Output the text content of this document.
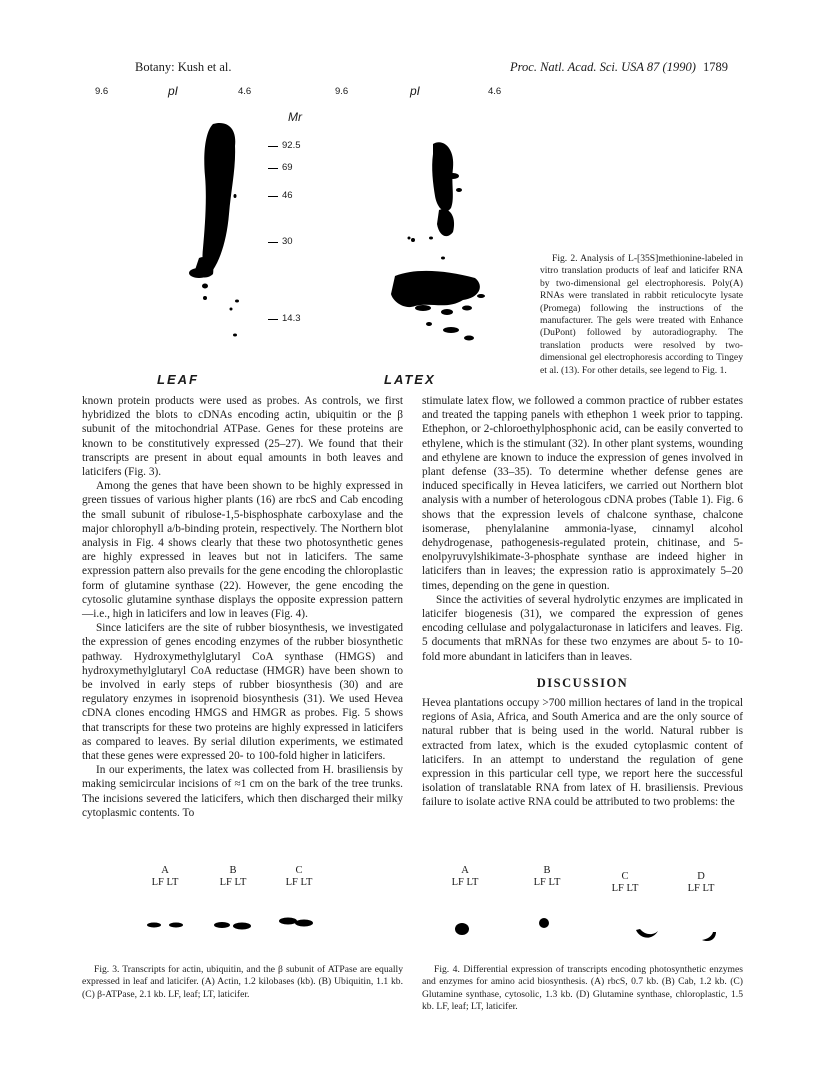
Botany: Kush et al.	Proc. Natl. Acad. Sci. USA 87 (1990) 1789
9.6	pI	4.6	9.6	pI	4.6
Mr
92.5
69
46
30
14.3
LEAF	LATEX

Fig. 2. Analysis of L-[35S]methionine-labeled in vitro translation products of leaf and laticifer RNA by two-dimensional gel electrophoresis. Poly(A) RNAs were translated in rabbit reticulocyte lysate (Promega) following the instructions of the manufacturer. The gels were treated with Enhance (DuPont) followed by autoradiography. The translation products were resolved by two-dimensional gel electrophoresis according to Tingey et al. (13). For other details, see legend to Fig. 1.

known protein products were used as probes. As controls, we first hybridized the blots to cDNAs encoding actin, ubiquitin or the β subunit of the mitochondrial ATPase. Genes for these proteins are known to be constitutively expressed (25–27). We found that their transcripts are present in about equal amounts in both leaves and laticifers (Fig. 3).

Among the genes that have been shown to be highly expressed in green tissues of various higher plants (16) are rbcS and Cab encoding the small subunit of ribulose-1,5-bisphosphate carboxylase and the major chlorophyll a/b-binding protein, respectively. The Northern blot analysis in Fig. 4 shows clearly that these two photosynthetic genes are highly expressed in leaves but not in laticifers. The same expression pattern also prevails for the gene encoding the chloroplastic form of glutamine synthase (22). However, the gene encoding the cytosolic glutamine synthase displays the opposite expression pattern—i.e., high in laticifers and low in leaves (Fig. 4).

Since laticifers are the site of rubber biosynthesis, we investigated the expression of genes encoding enzymes of the rubber biosynthetic pathway. Hydroxymethylglutaryl CoA synthase (HMGS) and hydroxymethylglutaryl CoA reductase (HMGR) have been shown to be involved in early steps of rubber biosynthesis (30) and are regulatory enzymes in isoprenoid biosynthesis (31). We used Hevea cDNA clones encoding HMGS and HMGR as probes. Fig. 5 shows that transcripts for these two proteins are highly expressed in laticifers as compared to leaves. By serial dilution experiments, we estimated that these genes were expressed 20- to 100-fold higher in laticifers.

In our experiments, the latex was collected from H. brasiliensis by making semicircular incisions of ≈1 cm on the bark of the tree trunks. The incisions severed the laticifers, which then discharged their milky cytoplasmic contents. To

stimulate latex flow, we followed a common practice of rubber estates and treated the tapping panels with ethephon 1 week prior to tapping. Ethephon, or 2-chloroethylphosphonic acid, can be easily converted to ethylene, which is the stimulant (32). In other plant systems, wounding and ethylene are known to induce the expression of genes involved in plant defense (33–35). To determine whether defense genes are induced specifically in Hevea laticifers, we carried out Northern blot analysis with a number of heterologous cDNA probes (Table 1). Fig. 6 shows that the expression levels of chalcone synthase, chalcone isomerase, phenylalanine ammonia-lyase, cinnamyl alcohol dehydrogenase, pathogenesis-regulated protein, chitinase, and 5-enolpyruvylshikimate-3-phosphate synthase are indeed higher in laticifers than in leaves; the expression ratio is approximately 5–20 times, depending on the gene in question.

Since the activities of several hydrolytic enzymes are implicated in laticifer biogenesis (31), we compared the expression of genes encoding cellulase and polygalacturonase in laticifers and leaves. Fig. 5 documents that mRNAs for these two enzymes are about 5- to 10-fold more abundant in laticifers than in leaves.

DISCUSSION

Hevea plantations occupy >700 million hectares of land in the tropical regions of Asia, Africa, and South America and are the only source of natural rubber that is being used in the world. Natural rubber is extracted from latex, which is the exuded cytoplasmic content of laticifers. In an attempt to understand the regulation of gene expression in this particular cell type, we report here the successful isolation of translatable RNA from latex of H. brasiliensis. Previous failure to isolate active RNA could be attributed to two problems: the

A
LF LT
B
LF LT
C
LF LT

Fig. 3. Transcripts for actin, ubiquitin, and the β subunit of ATPase are equally expressed in leaf and laticifer. (A) Actin, 1.2 kilobases (kb). (B) Ubiquitin, 1.1 kb. (C) β-ATPase, 2.1 kb. LF, leaf; LT, laticifer.

A
LF LT
B
LF LT
C
LF LT
D
LF LT

Fig. 4. Differential expression of transcripts encoding photosynthetic enzymes and enzymes for amino acid biosynthesis. (A) rbcS, 0.7 kb. (B) Cab, 1.2 kb. (C) Glutamine synthase, cytosolic, 1.3 kb. (D) Glutamine synthase, chloroplastic, 1.5 kb. LF, leaf; LT, laticifer.
